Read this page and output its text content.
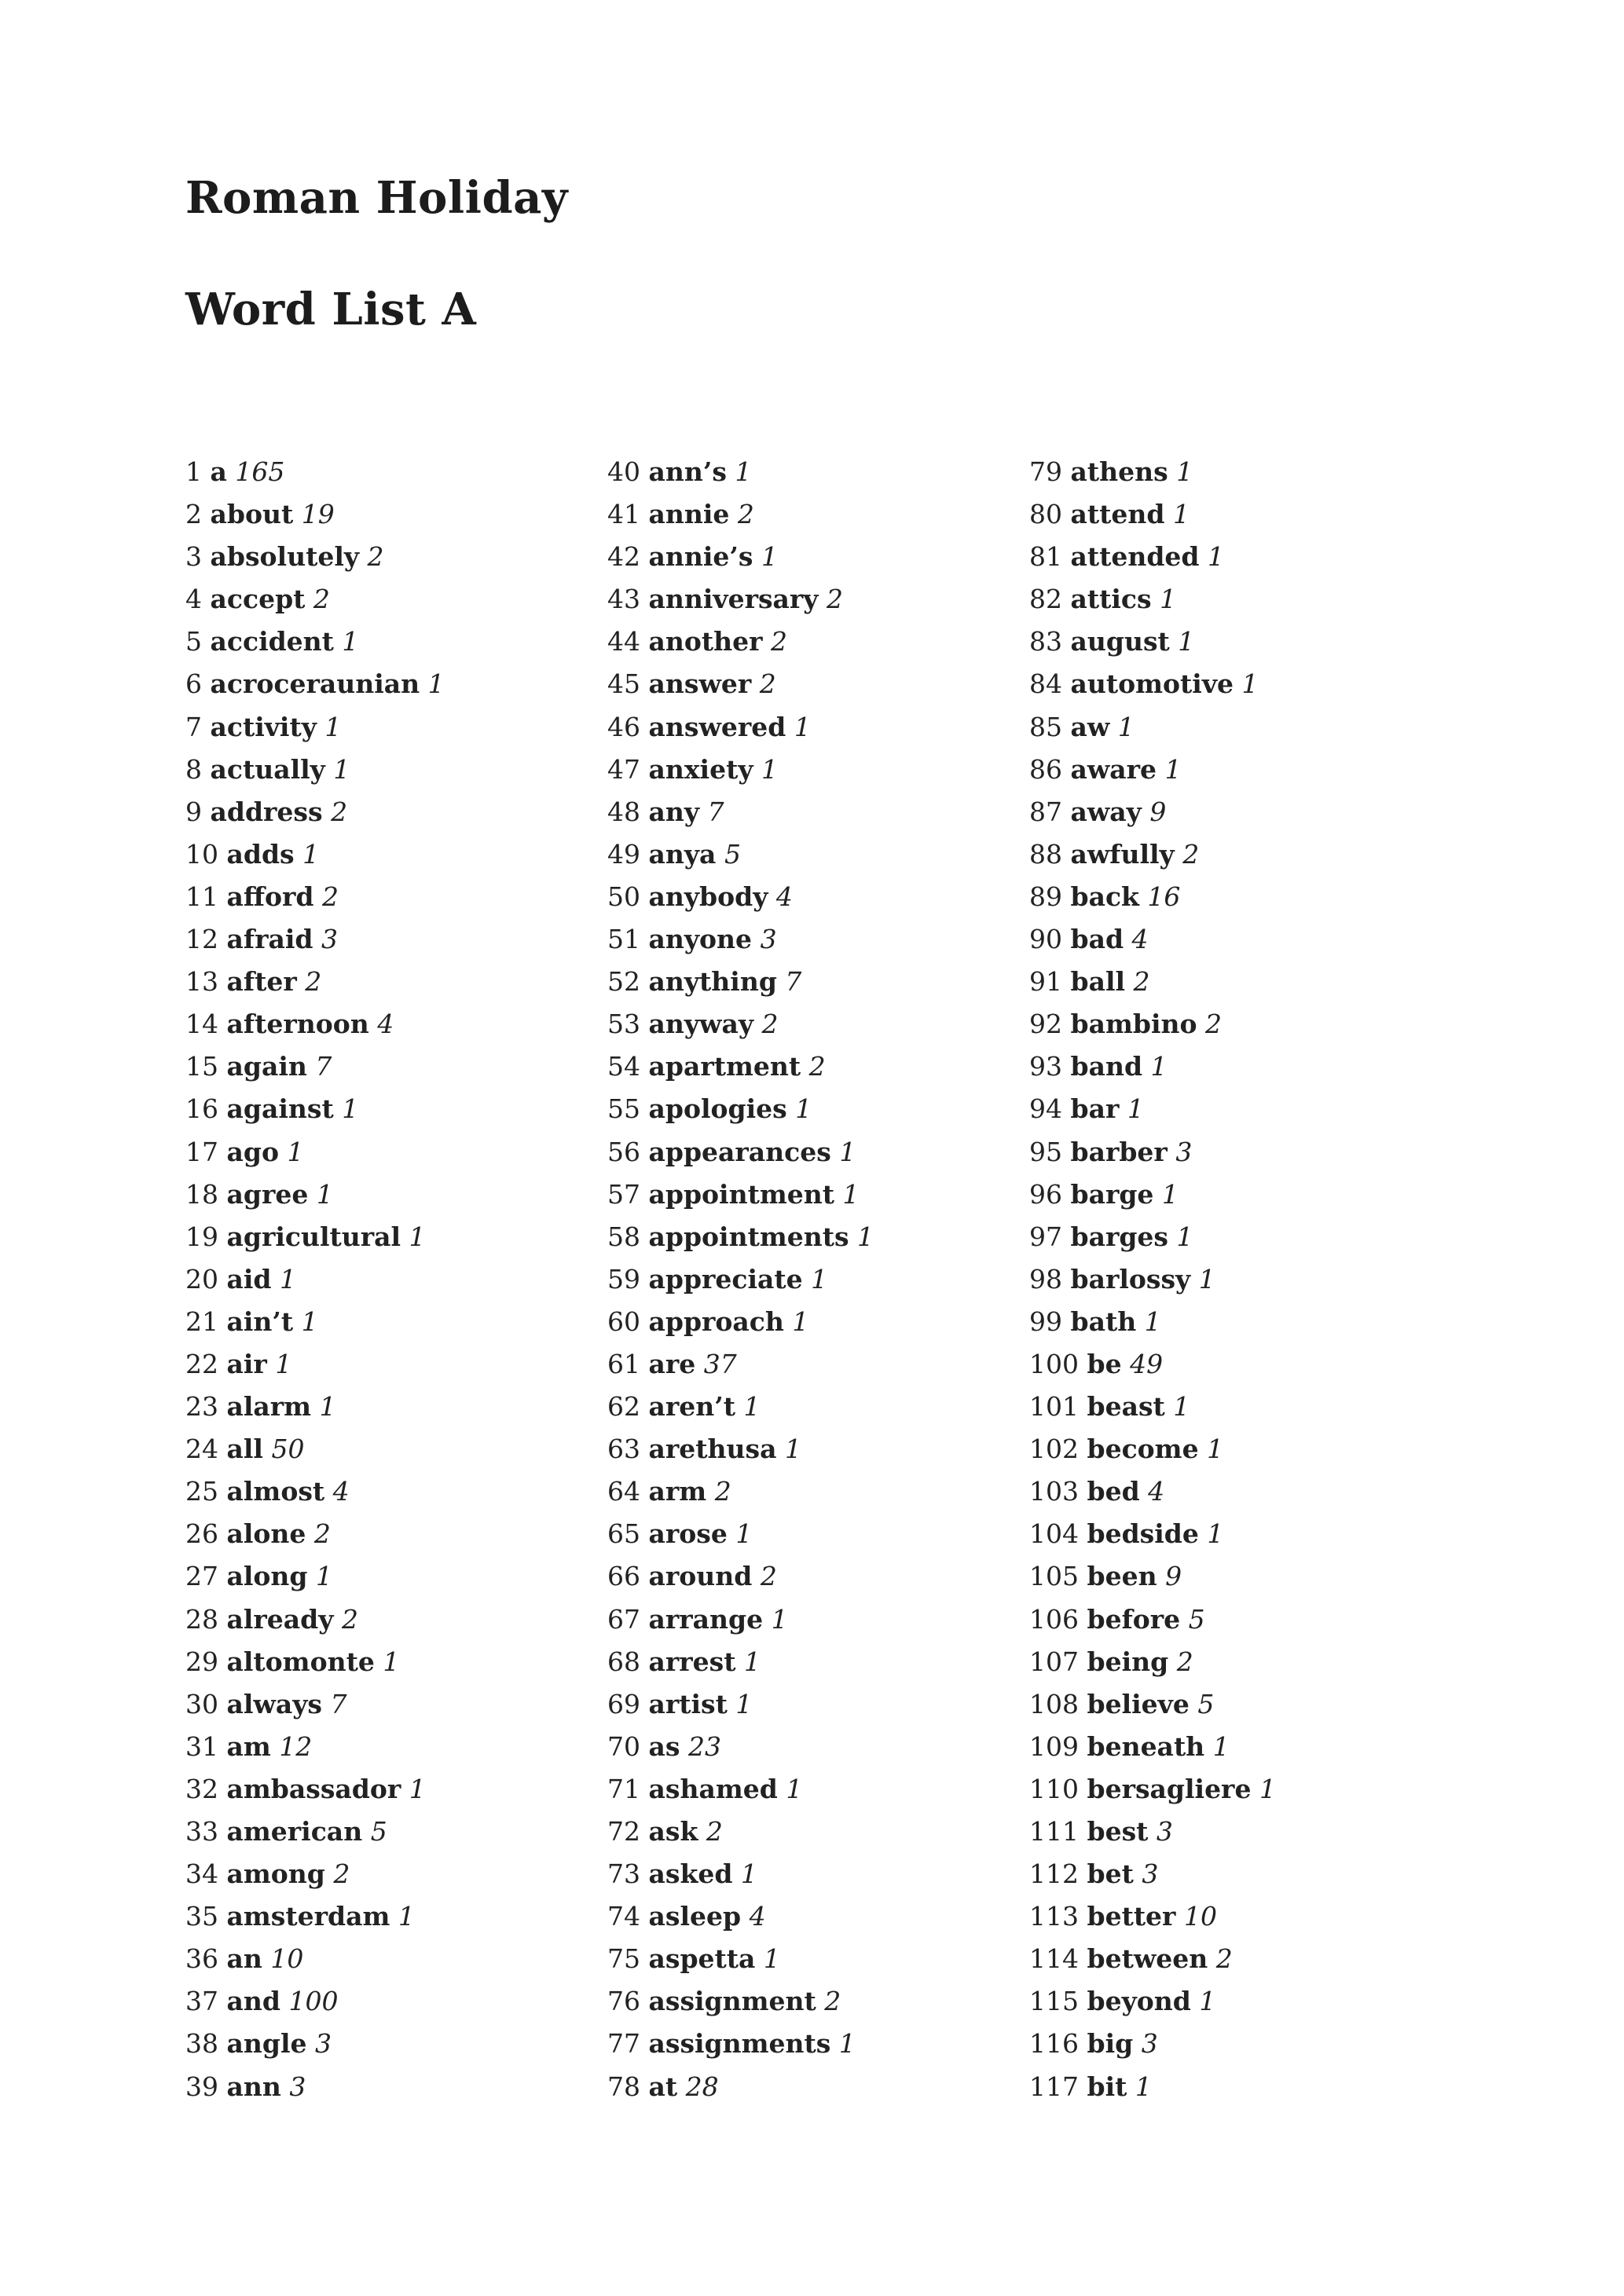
Roman Holiday
Word List A
1 a 165
2 about 19
3 absolutely 2
4 accept 2
5 accident 1
6 acroceraunian 1
7 activity 1
8 actually 1
9 address 2
10 adds 1
11 afford 2
12 afraid 3
13 after 2
14 afternoon 4
15 again 7
16 against 1
17 ago 1
18 agree 1
19 agricultural 1
20 aid 1
21 ain’t 1
22 air 1
23 alarm 1
24 all 50
25 almost 4
26 alone 2
27 along 1
28 already 2
29 altomonte 1
30 always 7
31 am 12
32 ambassador 1
33 american 5
34 among 2
35 amsterdam 1
36 an 10
37 and 100
38 angle 3
39 ann 3
40 ann’s 1
41 annie 2
42 annie’s 1
43 anniversary 2
44 another 2
45 answer 2
46 answered 1
47 anxiety 1
48 any 7
49 anya 5
50 anybody 4
51 anyone 3
52 anything 7
53 anyway 2
54 apartment 2
55 apologies 1
56 appearances 1
57 appointment 1
58 appointments 1
59 appreciate 1
60 approach 1
61 are 37
62 aren’t 1
63 arethusa 1
64 arm 2
65 arose 1
66 around 2
67 arrange 1
68 arrest 1
69 artist 1
70 as 23
71 ashamed 1
72 ask 2
73 asked 1
74 asleep 4
75 aspetta 1
76 assignment 2
77 assignments 1
78 at 28
79 athens 1
80 attend 1
81 attended 1
82 attics 1
83 august 1
84 automotive 1
85 aw 1
86 aware 1
87 away 9
88 awfully 2
89 back 16
90 bad 4
91 ball 2
92 bambino 2
93 band 1
94 bar 1
95 barber 3
96 barge 1
97 barges 1
98 barlossy 1
99 bath 1
100 be 49
101 beast 1
102 become 1
103 bed 4
104 bedside 1
105 been 9
106 before 5
107 being 2
108 believe 5
109 beneath 1
110 bersagliere 1
111 best 3
112 bet 3
113 better 10
114 between 2
115 beyond 1
116 big 3
117 bit 1
